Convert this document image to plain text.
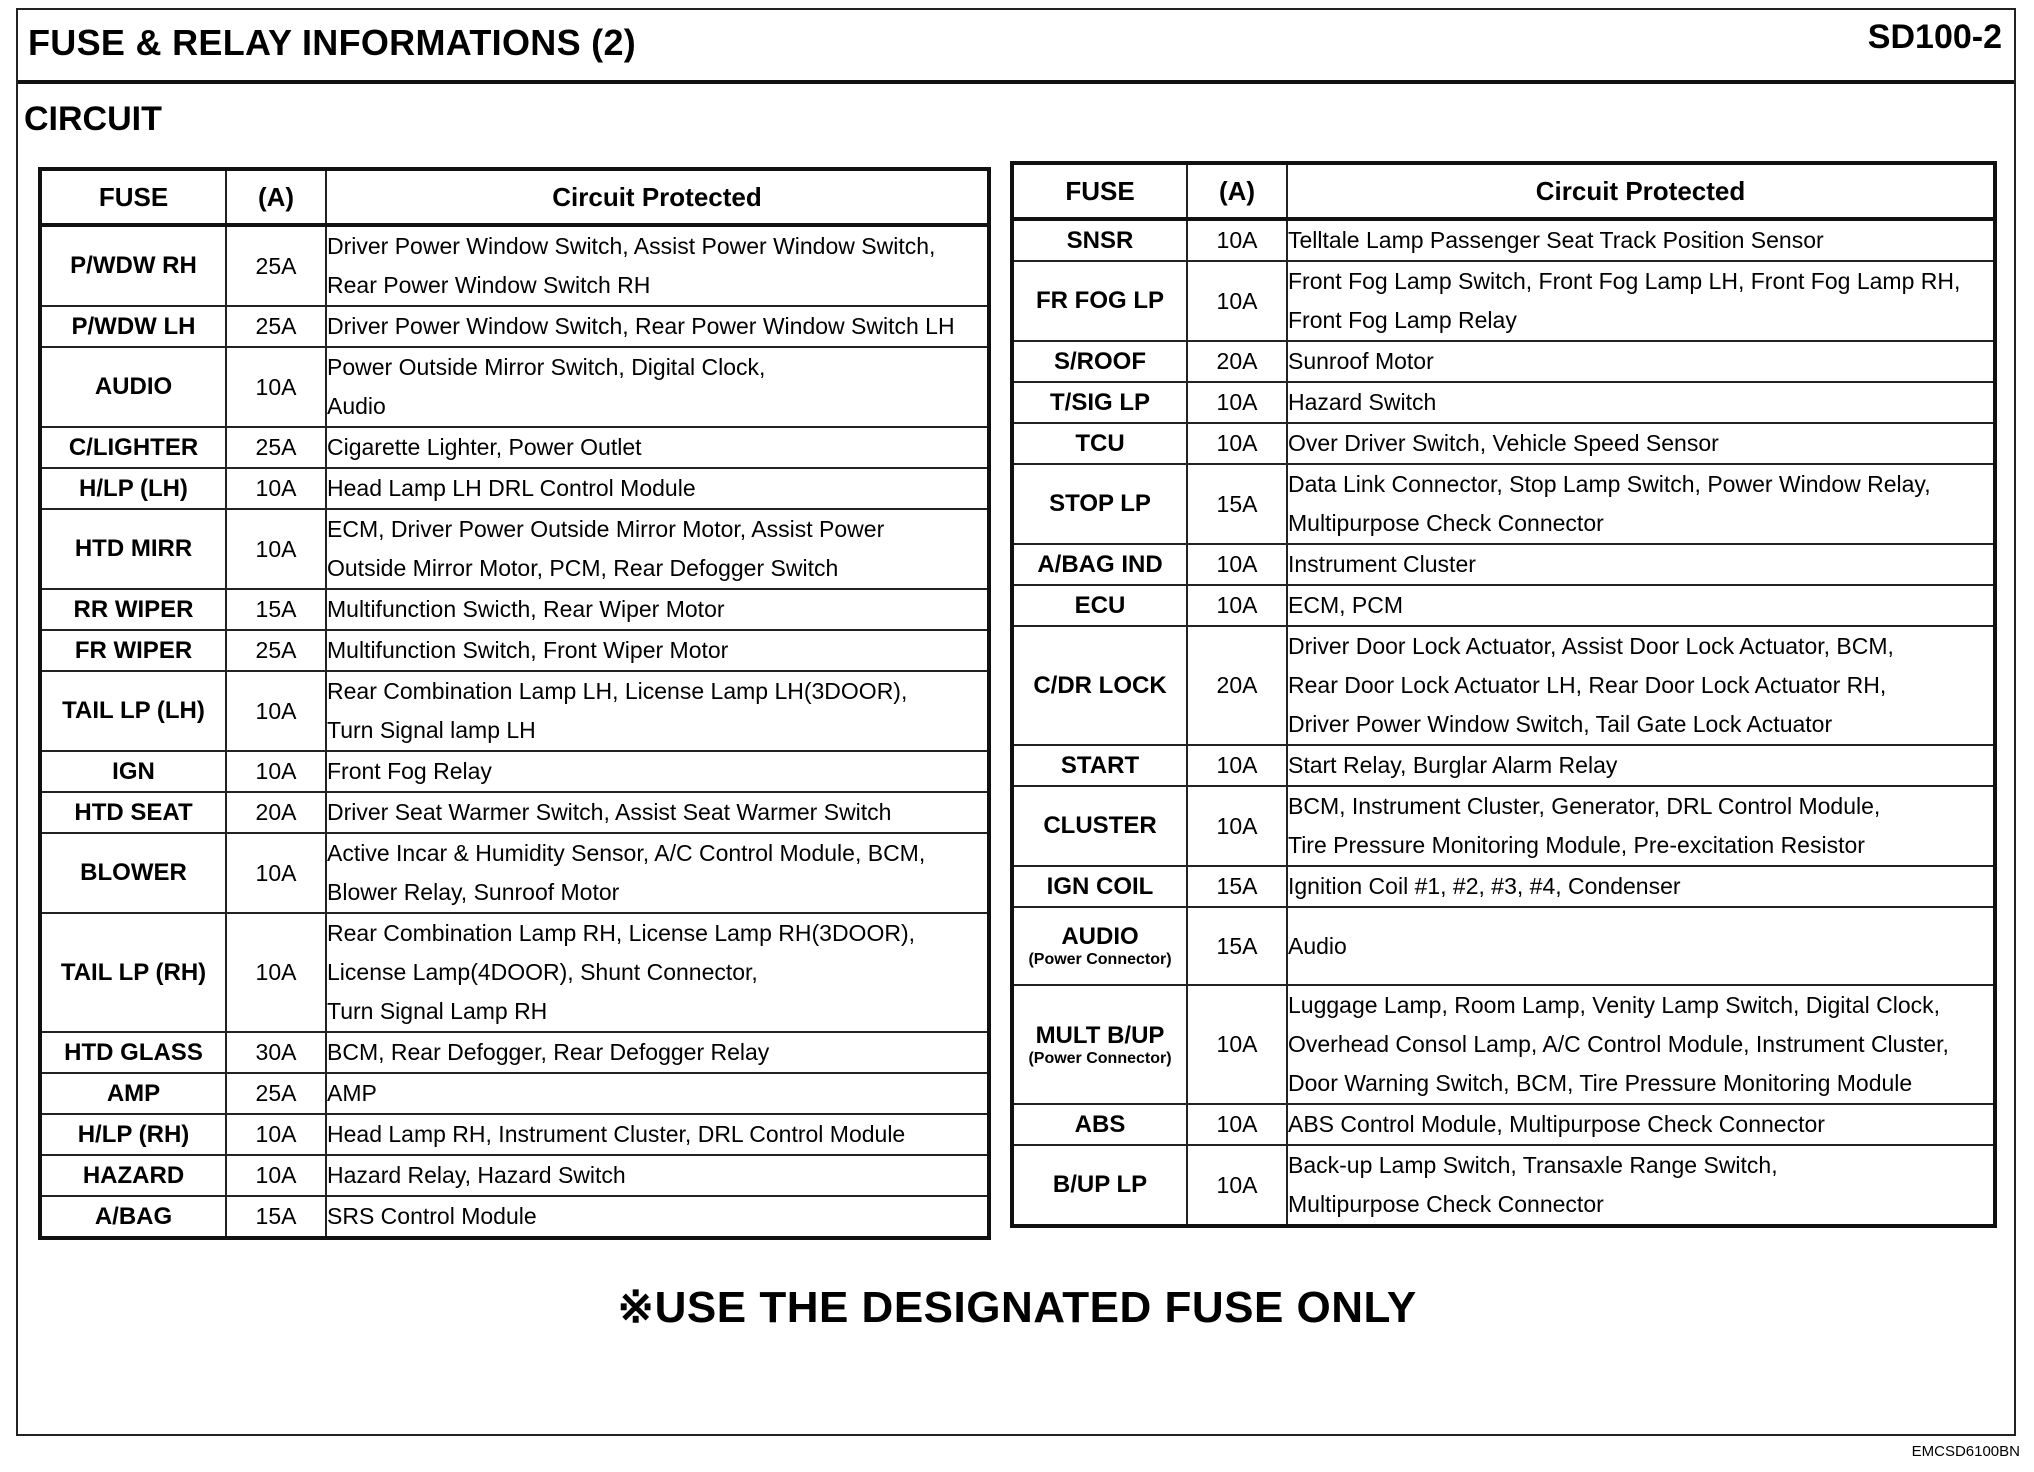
FUSE & RELAY INFORMATIONS (2)	SD100-2
CIRCUIT
FUSE	(A)	Circuit Protected
P/WDW RH	25A	Driver Power Window Switch, Assist Power Window Switch,
Rear Power Window Switch RH
P/WDW LH	25A	Driver Power Window Switch, Rear Power Window Switch LH
AUDIO	10A	Power Outside Mirror Switch, Digital Clock,
Audio
C/LIGHTER	25A	Cigarette Lighter, Power Outlet
H/LP (LH)	10A	Head Lamp LH DRL Control Module
HTD MIRR	10A	ECM, Driver Power Outside Mirror Motor, Assist Power
Outside Mirror Motor, PCM, Rear Defogger Switch
RR WIPER	15A	Multifunction Swicth, Rear Wiper Motor
FR WIPER	25A	Multifunction Switch, Front Wiper Motor
TAIL LP (LH)	10A	Rear Combination Lamp LH, License Lamp LH(3DOOR),
Turn Signal lamp LH
IGN	10A	Front Fog Relay
HTD SEAT	20A	Driver Seat Warmer Switch, Assist Seat Warmer Switch
BLOWER	10A	Active Incar & Humidity Sensor, A/C Control Module, BCM,
Blower Relay, Sunroof Motor
TAIL LP (RH)	10A	Rear Combination Lamp RH, License Lamp RH(3DOOR),
License Lamp(4DOOR), Shunt Connector,
Turn Signal Lamp RH
HTD GLASS	30A	BCM, Rear Defogger, Rear Defogger Relay
AMP	25A	AMP
H/LP (RH)	10A	Head Lamp RH, Instrument Cluster, DRL Control Module
HAZARD	10A	Hazard Relay, Hazard Switch
A/BAG	15A	SRS Control Module
FUSE	(A)	Circuit Protected
SNSR	10A	Telltale Lamp Passenger Seat Track Position Sensor
FR FOG LP	10A	Front Fog Lamp Switch, Front Fog Lamp LH, Front Fog Lamp RH,
Front Fog Lamp Relay
S/ROOF	20A	Sunroof Motor
T/SIG LP	10A	Hazard Switch
TCU	10A	Over Driver Switch, Vehicle Speed Sensor
STOP LP	15A	Data Link Connector, Stop Lamp Switch, Power Window Relay,
Multipurpose Check Connector
A/BAG IND	10A	Instrument Cluster
ECU	10A	ECM, PCM
C/DR LOCK	20A	Driver Door Lock Actuator, Assist Door Lock Actuator, BCM,
Rear Door Lock Actuator LH, Rear Door Lock Actuator RH,
Driver Power Window Switch, Tail Gate Lock Actuator
START	10A	Start Relay, Burglar Alarm Relay
CLUSTER	10A	BCM, Instrument Cluster, Generator, DRL Control Module,
Tire Pressure Monitoring Module, Pre-excitation Resistor
IGN COIL	15A	Ignition Coil #1, #2, #3, #4, Condenser
AUDIO
(Power Connector)	15A	Audio
MULT B/UP
(Power Connector)	10A	Luggage Lamp, Room Lamp, Venity Lamp Switch, Digital Clock,
Overhead Consol Lamp, A/C Control Module, Instrument Cluster,
Door Warning Switch, BCM, Tire Pressure Monitoring Module
ABS	10A	ABS Control Module, Multipurpose Check Connector
B/UP LP	10A	Back-up Lamp Switch, Transaxle Range Switch,
Multipurpose Check Connector
※USE THE DESIGNATED FUSE ONLY
EMCSD6100BN
